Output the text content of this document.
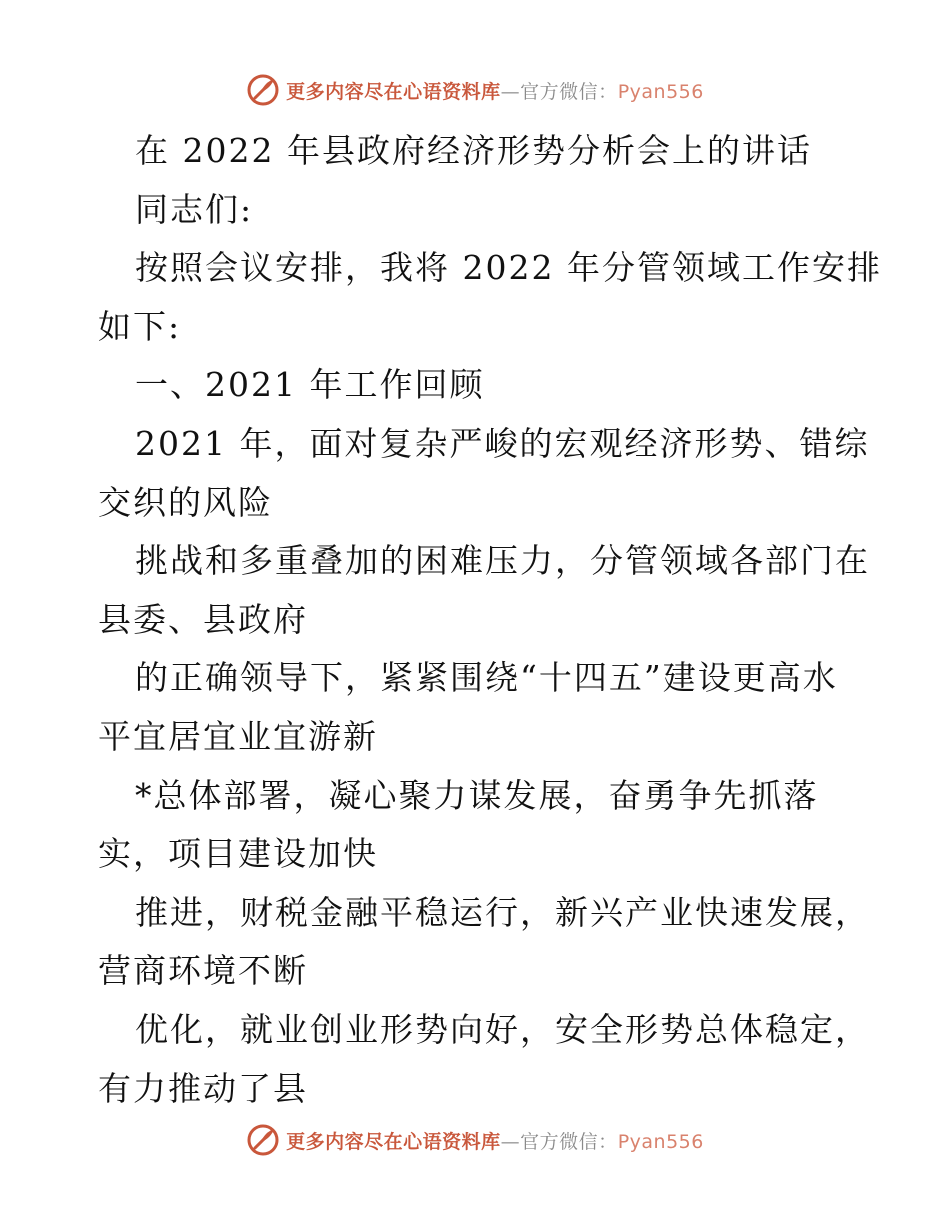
更多内容尽在心语资料库—官方微信：Pyan556
在 2022 年县政府经济形势分析会上的讲话
同志们:
按照会议安排，我将 2022 年分管领域工作安排
如下:
一、2021 年工作回顾
2021 年，面对复杂严峻的宏观经济形势、错综
交织的风险
挑战和多重叠加的困难压力，分管领域各部门在
县委、县政府
的正确领导下，紧紧围绕“十四五”建设更高水
平宜居宜业宜游新
*总体部署，凝心聚力谋发展，奋勇争先抓落
实，项目建设加快
推进，财税金融平稳运行，新兴产业快速发展，
营商环境不断
优化，就业创业形势向好，安全形势总体稳定，
有力推动了县
更多内容尽在心语资料库—官方微信：Pyan556
